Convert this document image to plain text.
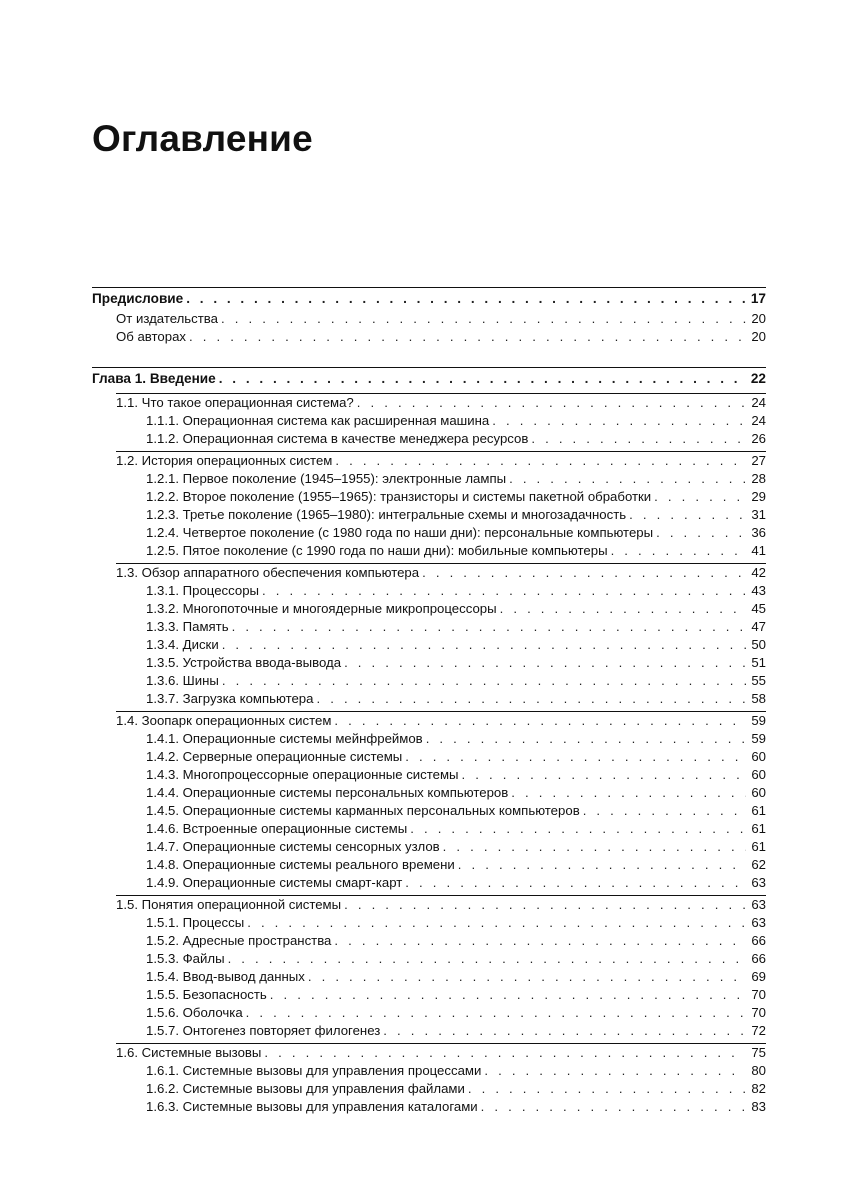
Оглавление
Предисловие . . .	17
От издательства . . .	20
Об авторах . . .	20
Глава 1. Введение . . .	22
1.1. Что такое операционная система? . . .	24
1.1.1. Операционная система как расширенная машина . . .	24
1.1.2. Операционная система в качестве менеджера ресурсов . . .	26
1.2. История операционных систем . . .	27
1.2.1. Первое поколение (1945–1955): электронные лампы . . .	28
1.2.2. Второе поколение (1955–1965): транзисторы и системы пакетной обработки . . .	29
1.2.3. Третье поколение (1965–1980): интегральные схемы и многозадачность . . .	31
1.2.4. Четвертое поколение (с 1980 года по наши дни): персональные компьютеры . . .	36
1.2.5. Пятое поколение (с 1990 года по наши дни): мобильные компьютеры . . .	41
1.3. Обзор аппаратного обеспечения компьютера . . .	42
1.3.1. Процессоры . . .	43
1.3.2. Многопоточные и многоядерные микропроцессоры . . .	45
1.3.3. Память . . .	47
1.3.4. Диски . . .	50
1.3.5. Устройства ввода-вывода . . .	51
1.3.6. Шины . . .	55
1.3.7. Загрузка компьютера . . .	58
1.4. Зоопарк операционных систем . . .	59
1.4.1. Операционные системы мейнфреймов . . .	59
1.4.2. Серверные операционные системы . . .	60
1.4.3. Многопроцессорные операционные системы . . .	60
1.4.4. Операционные системы персональных компьютеров . . .	60
1.4.5. Операционные системы карманных персональных компьютеров . . .	61
1.4.6. Встроенные операционные системы . . .	61
1.4.7. Операционные системы сенсорных узлов . . .	61
1.4.8. Операционные системы реального времени . . .	62
1.4.9. Операционные системы смарт-карт . . .	63
1.5. Понятия операционной системы . . .	63
1.5.1. Процессы . . .	63
1.5.2. Адресные пространства . . .	66
1.5.3. Файлы . . .	66
1.5.4. Ввод-вывод данных . . .	69
1.5.5. Безопасность . . .	70
1.5.6. Оболочка . . .	70
1.5.7. Онтогенез повторяет филогенез . . .	72
1.6. Системные вызовы . . .	75
1.6.1. Системные вызовы для управления процессами . . .	80
1.6.2. Системные вызовы для управления файлами . . .	82
1.6.3. Системные вызовы для управления каталогами . . .	83
